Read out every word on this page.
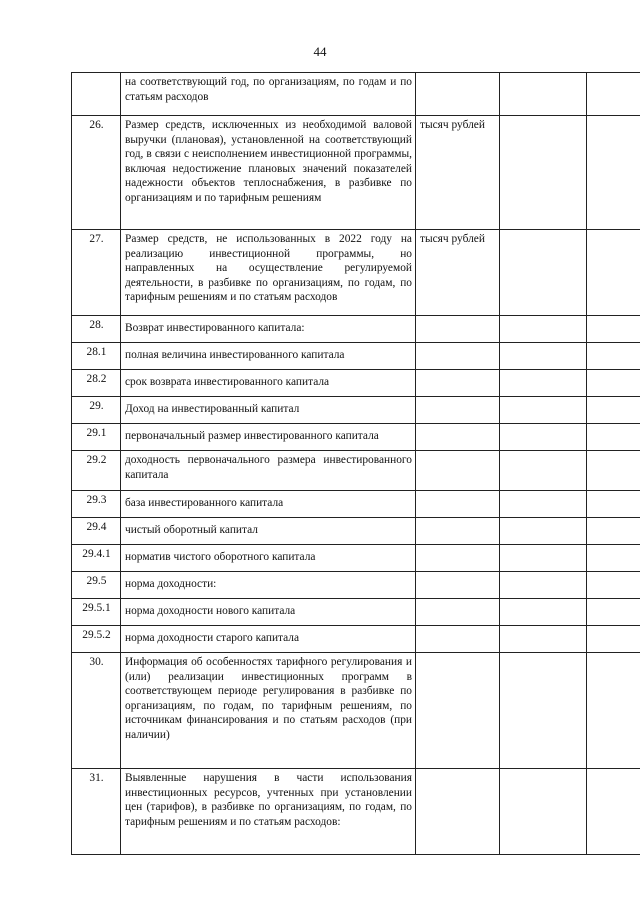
44
	на соответствующий год, по организациям, по годам и по статьям расходов			
26.	Размер средств, исключенных из необходимой валовой выручки (плановая), установленной на соответствующий год, в связи с неисполнением инвестиционной программы, включая недостижение плановых значений показателей надежности объектов теплоснабжения, в разбивке по организациям и по тарифным решениям	тысяч рублей		
27.	Размер средств, не использованных в 2022 году на реализацию инвестиционной программы, но направленных на осуществление регулируемой деятельности, в разбивке по организациям, по годам, по тарифным решениям и по статьям расходов	тысяч рублей		
28.	Возврат инвестированного капитала:			
28.1	полная величина инвестированного капитала			
28.2	срок возврата инвестированного капитала			
29.	Доход на инвестированный капитал			
29.1	первоначальный размер инвестированного капитала			
29.2	доходность первоначального размера инвестированного капитала			
29.3	база инвестированного капитала			
29.4	чистый оборотный капитал			
29.4.1	норматив чистого оборотного капитала			
29.5	норма доходности:			
29.5.1	норма доходности нового капитала			
29.5.2	норма доходности старого капитала			
30.	Информация об особенностях тарифного регулирования и (или) реализации инвестиционных программ в соответствующем периоде регулирования в разбивке по организациям, по годам, по тарифным решениям, по источникам финансирования и по статьям расходов (при наличии)			
31.	Выявленные нарушения в части использования инвестиционных ресурсов, учтенных при установлении цен (тарифов), в разбивке по организациям, по годам, по тарифным решениям и по статьям расходов:			
